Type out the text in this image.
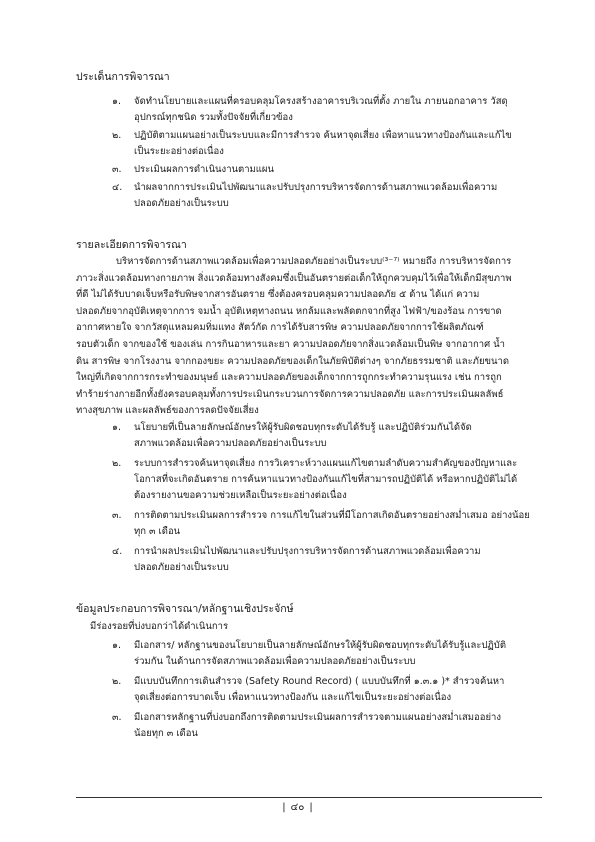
ประเด็นการพิจารณา
๑.	จัดทำนโยบายและแผนที่ครอบคลุมโครงสร้างอาคารบริเวณที่ตั้ง ภายใน ภายนอกอาคาร วัสดุ
อุปกรณ์ทุกชนิด รวมทั้งปัจจัยที่เกี่ยวข้อง
๒.	ปฏิบัติตามแผนอย่างเป็นระบบและมีการสำรวจ ค้นหาจุดเสี่ยง เพื่อหาแนวทางป้องกันและแก้ไข
เป็นระยะอย่างต่อเนื่อง
๓.	ประเมินผลการดำเนินงานตามแผน
๔.	นำผลจากการประเมินไปพัฒนาและปรับปรุงการบริหารจัดการด้านสภาพแวดล้อมเพื่อความ
ปลอดภัยอย่างเป็นระบบ
รายละเอียดการพิจารณา
บริหารจัดการด้านสภาพแวดล้อมเพื่อความปลอดภัยอย่างเป็นระบบ⁽³⁻⁷⁾ หมายถึง การบริหารจัดการ
ภาวะสิ่งแวดล้อมทางกายภาพ สิ่งแวดล้อมทางสังคมซึ่งเป็นอันตรายต่อเด็กให้ถูกควบคุมไว้เพื่อให้เด็กมีสุขภาพ
ที่ดี ไม่ได้รับบาดเจ็บหรือรับพิษจากสารอันตราย ซึ่งต้องครอบคลุมความปลอดภัย ๕ ด้าน ได้แก่ ความ
ปลอดภัยจากอุบัติเหตุจากการ จมน้ำ อุบัติเหตุทางถนน หกล้มและพลัดตกจากที่สูง ไฟฟ้า/ของร้อน การขาด
อากาศหายใจ จากวัสดุแหลมคมทิ่มแทง สัตว์กัด การได้รับสารพิษ ความปลอดภัยจากการใช้ผลิตภัณฑ์
รอบตัวเด็ก จากของใช้ ของเล่น การกินอาหารและยา ความปลอดภัยจากสิ่งแวดล้อมเป็นพิษ จากอากาศ น้ำ
ดิน สารพิษ จากโรงงาน จากกองขยะ ความปลอดภัยของเด็กในภัยพิบัติต่างๆ จากภัยธรรมชาติ และภัยขนาด
ใหญ่ที่เกิดจากการกระทำของมนุษย์ และความปลอดภัยของเด็กจากการถูกกระทำความรุนแรง เช่น การถูก
ทำร้ายร่างกายอีกทั้งยังครอบคลุมทั้งการประเมินกระบวนการจัดการความปลอดภัย และการประเมินผลลัพธ์
ทางสุขภาพ และผลลัพธ์ของการลดปัจจัยเสี่ยง
๑.	นโยบายที่เป็นลายลักษณ์อักษรให้ผู้รับผิดชอบทุกระดับได้รับรู้ และปฏิบัติร่วมกันได้จัด
สภาพแวดล้อมเพื่อความปลอดภัยอย่างเป็นระบบ
๒.	ระบบการสำรวจค้นหาจุดเสี่ยง การวิเคราะห์วางแผนแก้ไขตามลำดับความสำคัญของปัญหาและ
โอกาสที่จะเกิดอันตราย การค้นหาแนวทางป้องกันแก้ไขที่สามารถปฏิบัติได้ หรือหากปฏิบัติไม่ได้
ต้องรายงานขอความช่วยเหลือเป็นระยะอย่างต่อเนื่อง
๓.	การติดตามประเมินผลการสำรวจ การแก้ไขในส่วนที่มีโอกาสเกิดอันตรายอย่างสม่ำเสมอ อย่างน้อย
ทุก ๓ เดือน
๔.	การนำผลประเมินไปพัฒนาและปรับปรุงการบริหารจัดการด้านสภาพแวดล้อมเพื่อความ
ปลอดภัยอย่างเป็นระบบ
ข้อมูลประกอบการพิจารณา/หลักฐานเชิงประจักษ์
มีร่องรอยที่บ่งบอกว่าได้ดำเนินการ
๑.	มีเอกสาร/ หลักฐานของนโยบายเป็นลายลักษณ์อักษรให้ผู้รับผิดชอบทุกระดับได้รับรู้และปฏิบัติ
ร่วมกัน ในด้านการจัดสภาพแวดล้อมเพื่อความปลอดภัยอย่างเป็นระบบ
๒.	มีแบบบันทึกการเดินสำรวจ (Safety Round Record) ( แบบบันทึกที่ ๑.๓.๑ )* สำรวจค้นหา
จุดเสี่ยงต่อการบาดเจ็บ เพื่อหาแนวทางป้องกัน และแก้ไขเป็นระยะอย่างต่อเนื่อง
๓.	มีเอกสารหลักฐานที่บ่งบอกถึงการติดตามประเมินผลการสำรวจตามแผนอย่างสม่ำเสมออย่าง
น้อยทุก ๓ เดือน
| ๔๐ |
